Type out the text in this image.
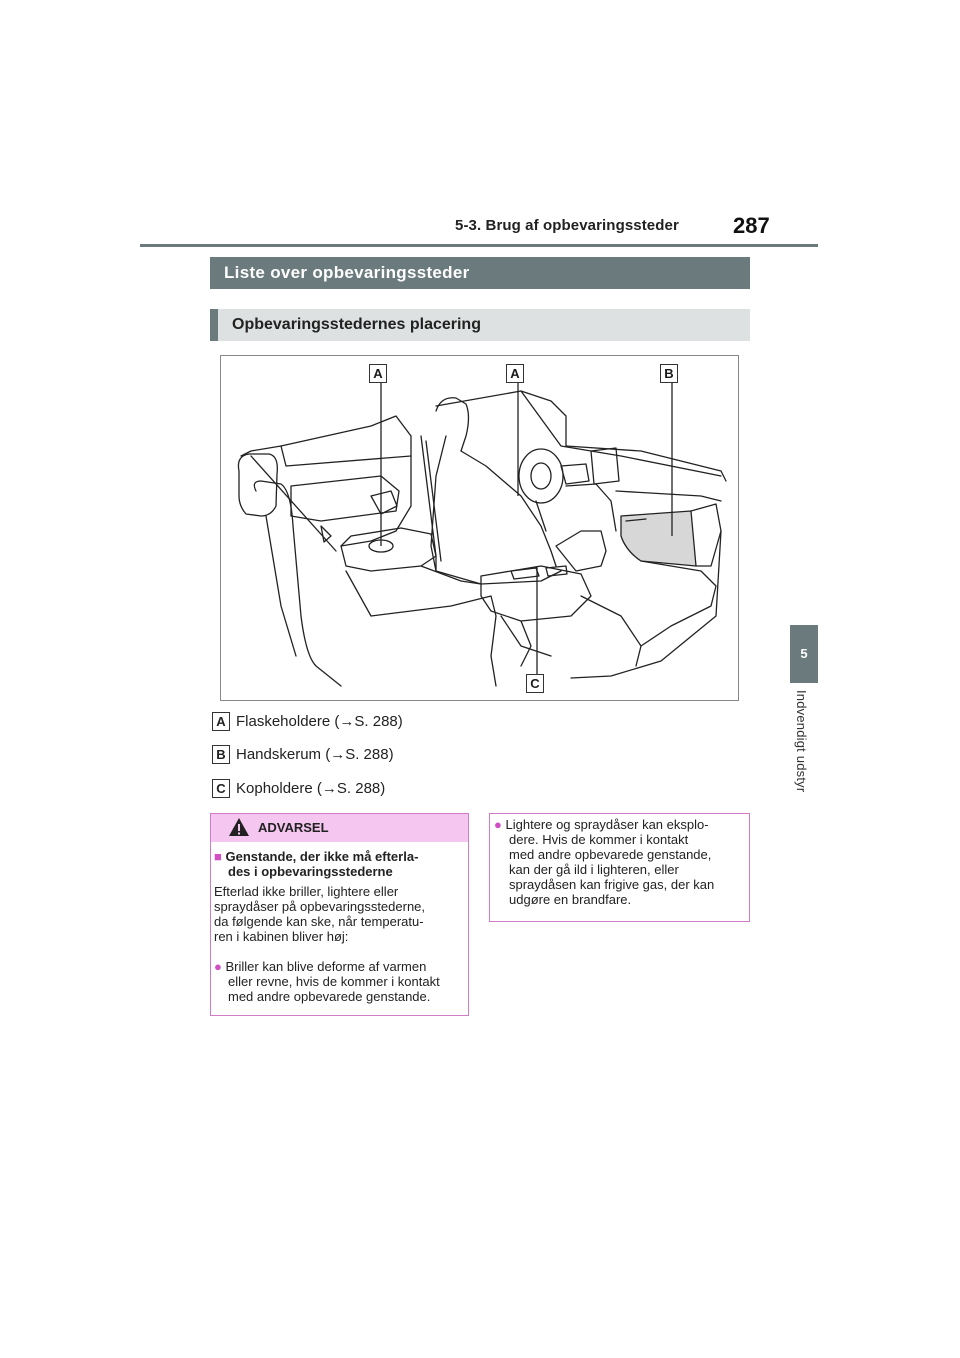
5-3. Brug af opbevaringssteder 287
5
Indvendigt udstyr
Liste over opbevaringssteder
Opbevaringsstedernes placering
A	A	B
C
A Flaskeholdere (→S. 288)
B Handskerum (→S. 288)
C Kopholdere (→S. 288)
ADVARSEL
■ Genstande, der ikke må efterla-
des i opbevaringsstederne
Efterlad ikke briller, lightere eller
spraydåser på opbevaringsstederne,
da følgende kan ske, når temperatu-
ren i kabinen bliver høj:
● Briller kan blive deforme af varmen
eller revne, hvis de kommer i kontakt
med andre opbevarede genstande.
● Lightere og spraydåser kan eksplo-
dere. Hvis de kommer i kontakt
med andre opbevarede genstande,
kan der gå ild i lighteren, eller
spraydåsen kan frigive gas, der kan
udgøre en brandfare.
